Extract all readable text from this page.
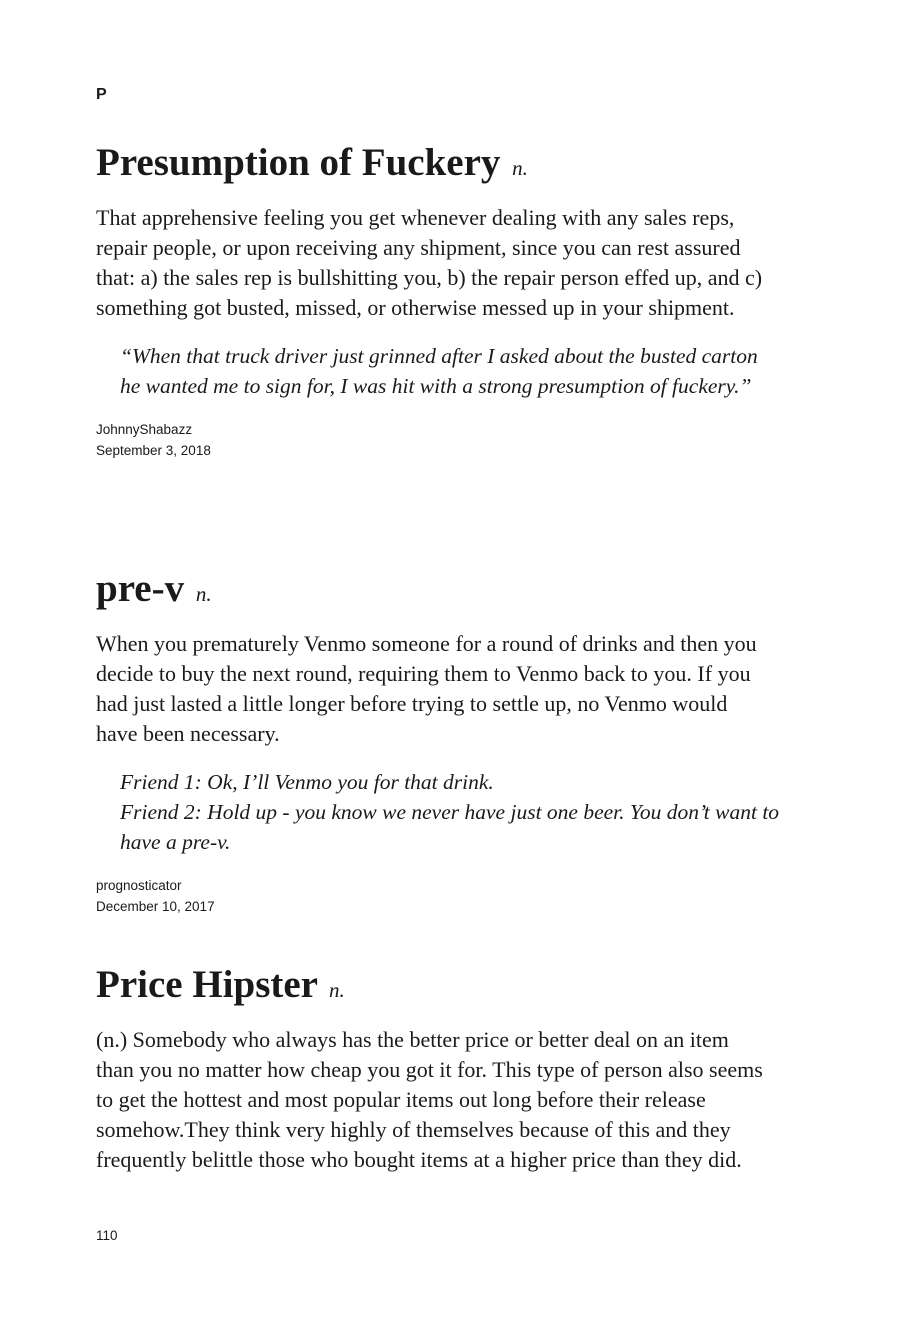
P
Presumption of Fuckery n.

That apprehensive feeling you get whenever dealing with any sales reps, repair people, or upon receiving any shipment, since you can rest assured that: a) the sales rep is bullshitting you, b) the repair person effed up, and c) something got busted, missed, or otherwise messed up in your shipment.

“When that truck driver just grinned after I asked about the busted carton he wanted me to sign for, I was hit with a strong presumption of fuckery.”

JohnnyShabazz
September 3, 2018
pre-v n.

When you prematurely Venmo someone for a round of drinks and then you decide to buy the next round, requiring them to Venmo back to you. If you had just lasted a little longer before trying to settle up, no Venmo would have been necessary.

Friend 1: Ok, I’ll Venmo you for that drink.
Friend 2: Hold up - you know we never have just one beer. You don’t want to have a pre-v.

prognosticator
December 10, 2017
Price Hipster n.

(n.) Somebody who always has the better price or better deal on an item than you no matter how cheap you got it for. This type of person also seems to get the hottest and most popular items out long before their release somehow.They think very highly of themselves because of this and they frequently belittle those who bought items at a higher price than they did.

110
